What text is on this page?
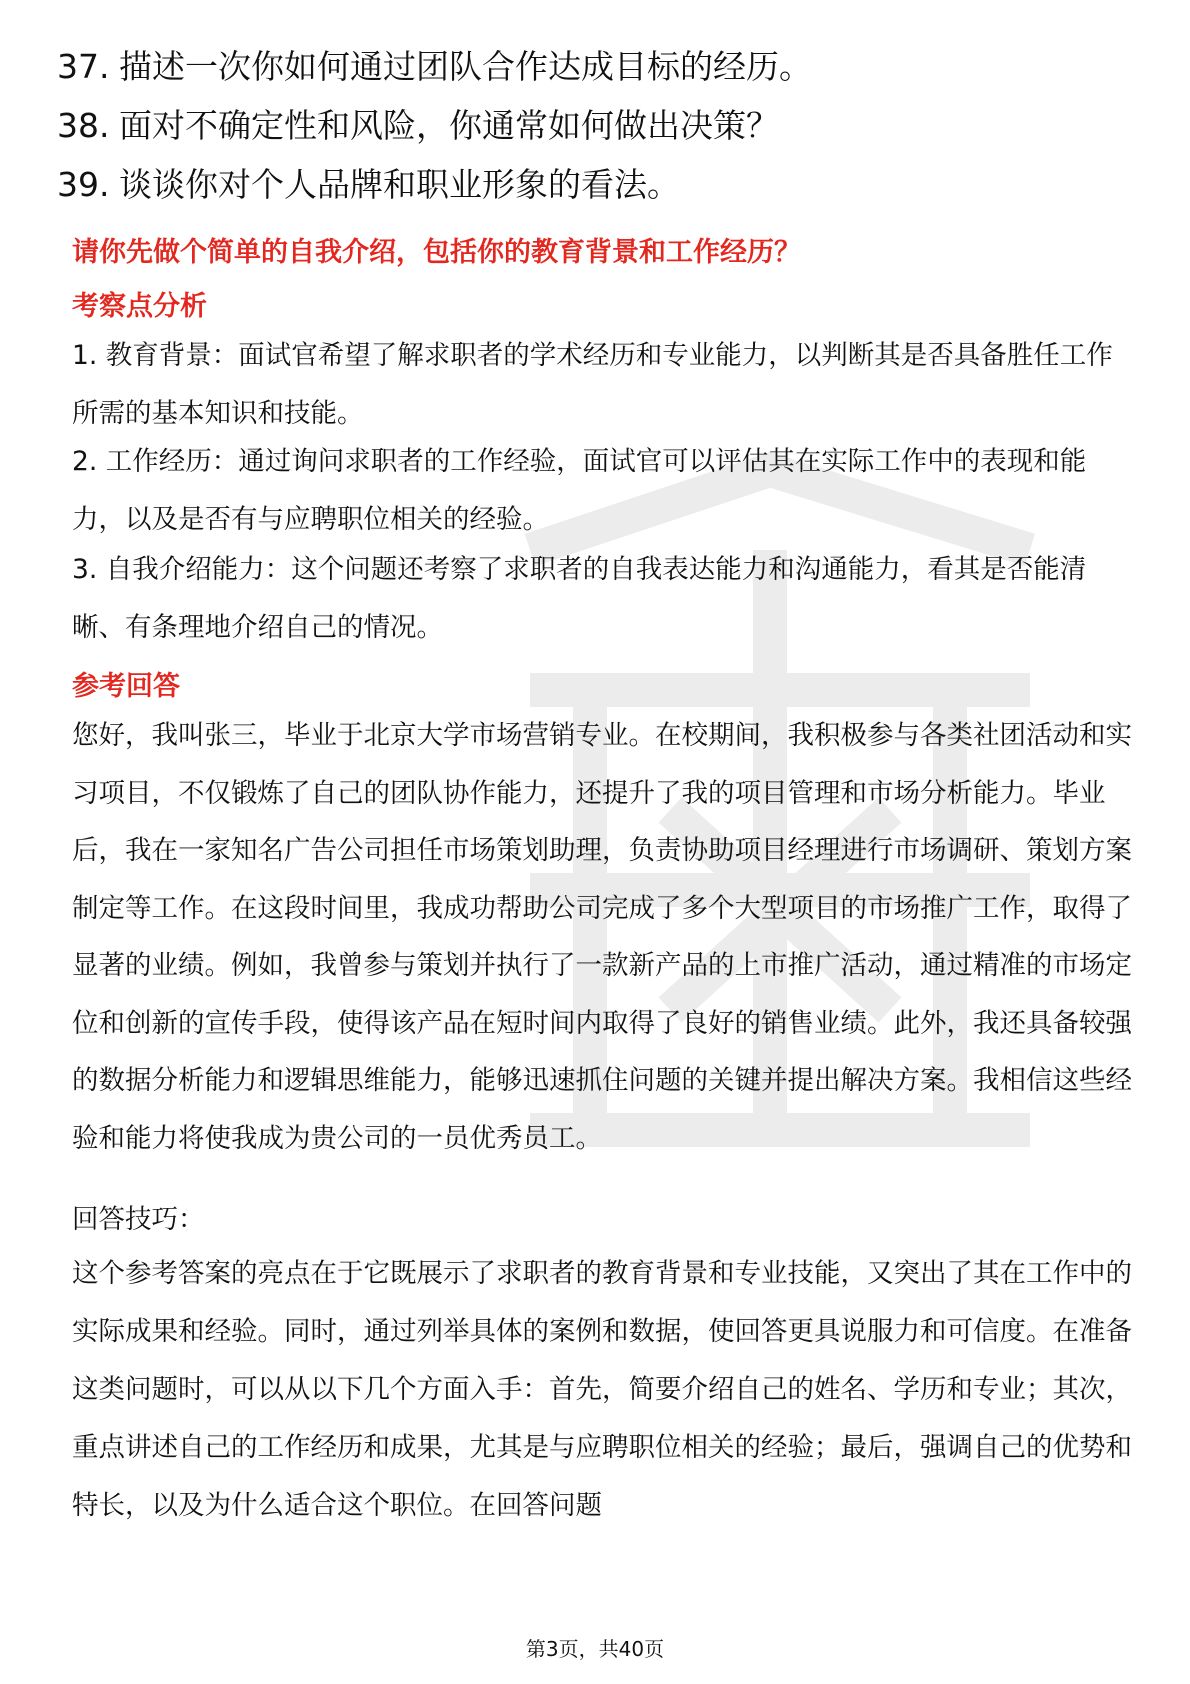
37. 描述一次你如何通过团队合作达成目标的经历。
38. 面对不确定性和风险，你通常如何做出决策？
39. 谈谈你对个人品牌和职业形象的看法。
请你先做个简单的自我介绍，包括你的教育背景和工作经历？
考察点分析
1. 教育背景：面试官希望了解求职者的学术经历和专业能力，以判断其是否具备胜任工作所需的基本知识和技能。
2. 工作经历：通过询问求职者的工作经验，面试官可以评估其在实际工作中的表现和能力，以及是否有与应聘职位相关的经验。
3. 自我介绍能力：这个问题还考察了求职者的自我表达能力和沟通能力，看其是否能清晰、有条理地介绍自己的情况。
参考回答
您好，我叫张三，毕业于北京大学市场营销专业。在校期间，我积极参与各类社团活动和实习项目，不仅锻炼了自己的团队协作能力，还提升了我的项目管理和市场分析能力。毕业后，我在一家知名广告公司担任市场策划助理，负责协助项目经理进行市场调研、策划方案制定等工作。在这段时间里，我成功帮助公司完成了多个大型项目的市场推广工作，取得了显著的业绩。例如，我曾参与策划并执行了一款新产品的上市推广活动，通过精准的市场定位和创新的宣传手段，使得该产品在短时间内取得了良好的销售业绩。此外，我还具备较强的数据分析能力和逻辑思维能力，能够迅速抓住问题的关键并提出解决方案。我相信这些经验和能力将使我成为贵公司的一员优秀员工。
回答技巧：
这个参考答案的亮点在于它既展示了求职者的教育背景和专业技能，又突出了其在工作中的实际成果和经验。同时，通过列举具体的案例和数据，使回答更具说服力和可信度。在准备这类问题时，可以从以下几个方面入手：首先，简要介绍自己的姓名、学历和专业；其次，重点讲述自己的工作经历和成果，尤其是与应聘职位相关的经验；最后，强调自己的优势和特长，以及为什么适合这个职位。在回答问题
第3页，共40页
